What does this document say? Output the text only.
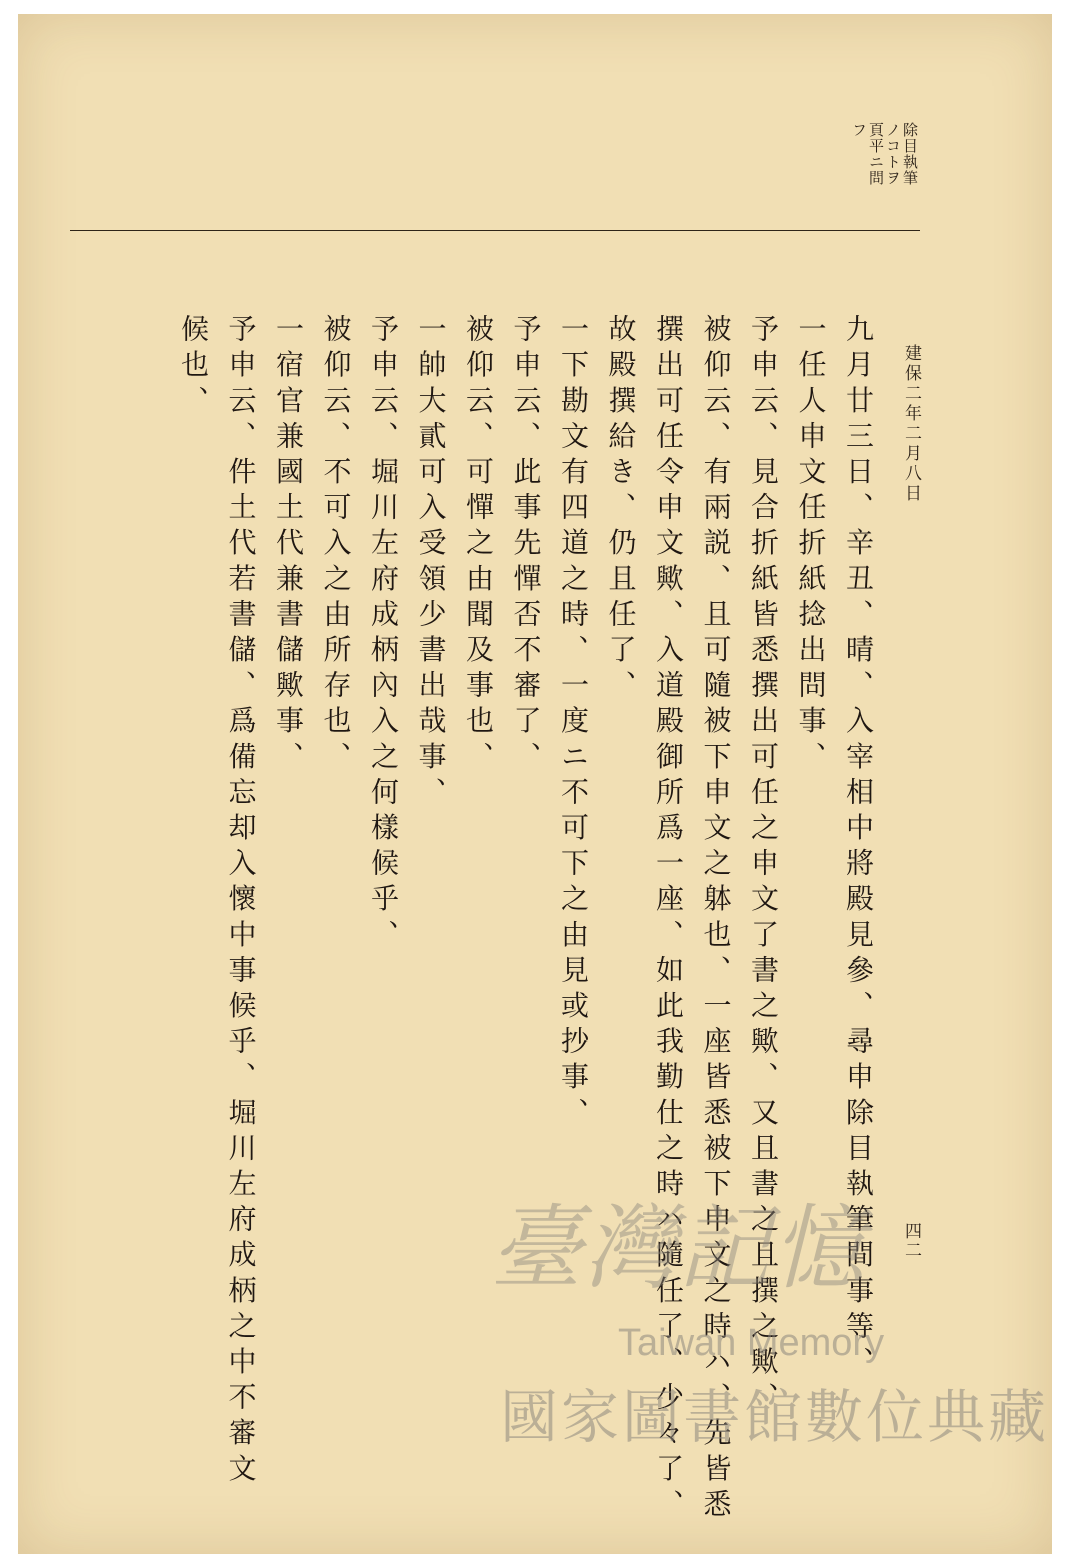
除目執筆
ノコトヲ
頁平ニ問
フ
建保二年二月八日
四二
九月廿三日、辛丑、晴、入宰相中將殿見參、尋申除目執筆間事等、
一任人申文任折紙捻出問事、
予申云、見合折紙皆悉撰出可任之申文了書之歟、又且書之且撰之歟、
被仰云、有兩説、且可隨被下申文之躰也、一座皆悉被下申文之時ハ、先皆悉
撰出可任令申文歟、入道殿御所爲一座、如此我勤仕之時ハ隨任了、少々了、
故殿撰給き、仍且任了、
一下勘文有四道之時、一度ニ不可下之由見或抄事、
予申云、此事先憚否不審了、
被仰云、可憚之由聞及事也、
一帥大貳可入受領少書出哉事、
予申云、堀川左府成柄內入之何樣候乎、
被仰云、不可入之由所存也、
一宿官兼國土代兼書儲歟事、
予申云、件土代若書儲、爲備忘却入懷中事候乎、堀川左府成柄之中不審文
候也、
臺灣記憶
Taiwan Memory
國家圖書館數位典藏
